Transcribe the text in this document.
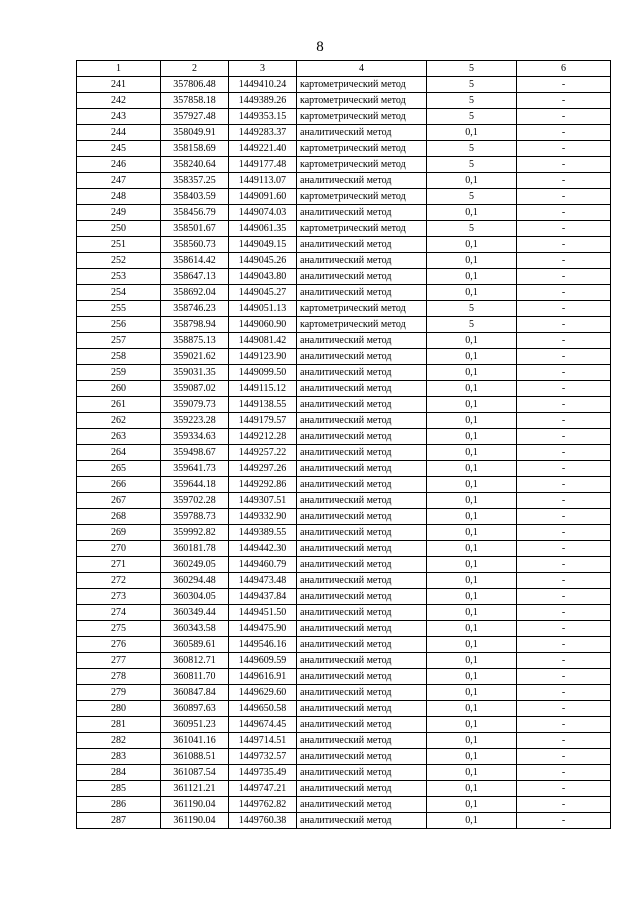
8
1	2	3	4	5	6
241	357806.48	1449410.24	картометрический метод	5	-
242	357858.18	1449389.26	картометрический метод	5	-
243	357927.48	1449353.15	картометрический метод	5	-
244	358049.91	1449283.37	аналитический метод	0,1	-
245	358158.69	1449221.40	картометрический метод	5	-
246	358240.64	1449177.48	картометрический метод	5	-
247	358357.25	1449113.07	аналитический метод	0,1	-
248	358403.59	1449091.60	картометрический метод	5	-
249	358456.79	1449074.03	аналитический метод	0,1	-
250	358501.67	1449061.35	картометрический метод	5	-
251	358560.73	1449049.15	аналитический метод	0,1	-
252	358614.42	1449045.26	аналитический метод	0,1	-
253	358647.13	1449043.80	аналитический метод	0,1	-
254	358692.04	1449045.27	аналитический метод	0,1	-
255	358746.23	1449051.13	картометрический метод	5	-
256	358798.94	1449060.90	картометрический метод	5	-
257	358875.13	1449081.42	аналитический метод	0,1	-
258	359021.62	1449123.90	аналитический метод	0,1	-
259	359031.35	1449099.50	аналитический метод	0,1	-
260	359087.02	1449115.12	аналитический метод	0,1	-
261	359079.73	1449138.55	аналитический метод	0,1	-
262	359223.28	1449179.57	аналитический метод	0,1	-
263	359334.63	1449212.28	аналитический метод	0,1	-
264	359498.67	1449257.22	аналитический метод	0,1	-
265	359641.73	1449297.26	аналитический метод	0,1	-
266	359644.18	1449292.86	аналитический метод	0,1	-
267	359702.28	1449307.51	аналитический метод	0,1	-
268	359788.73	1449332.90	аналитический метод	0,1	-
269	359992.82	1449389.55	аналитический метод	0,1	-
270	360181.78	1449442.30	аналитический метод	0,1	-
271	360249.05	1449460.79	аналитический метод	0,1	-
272	360294.48	1449473.48	аналитический метод	0,1	-
273	360304.05	1449437.84	аналитический метод	0,1	-
274	360349.44	1449451.50	аналитический метод	0,1	-
275	360343.58	1449475.90	аналитический метод	0,1	-
276	360589.61	1449546.16	аналитический метод	0,1	-
277	360812.71	1449609.59	аналитический метод	0,1	-
278	360811.70	1449616.91	аналитический метод	0,1	-
279	360847.84	1449629.60	аналитический метод	0,1	-
280	360897.63	1449650.58	аналитический метод	0,1	-
281	360951.23	1449674.45	аналитический метод	0,1	-
282	361041.16	1449714.51	аналитический метод	0,1	-
283	361088.51	1449732.57	аналитический метод	0,1	-
284	361087.54	1449735.49	аналитический метод	0,1	-
285	361121.21	1449747.21	аналитический метод	0,1	-
286	361190.04	1449762.82	аналитический метод	0,1	-
287	361190.04	1449760.38	аналитический метод	0,1	-
